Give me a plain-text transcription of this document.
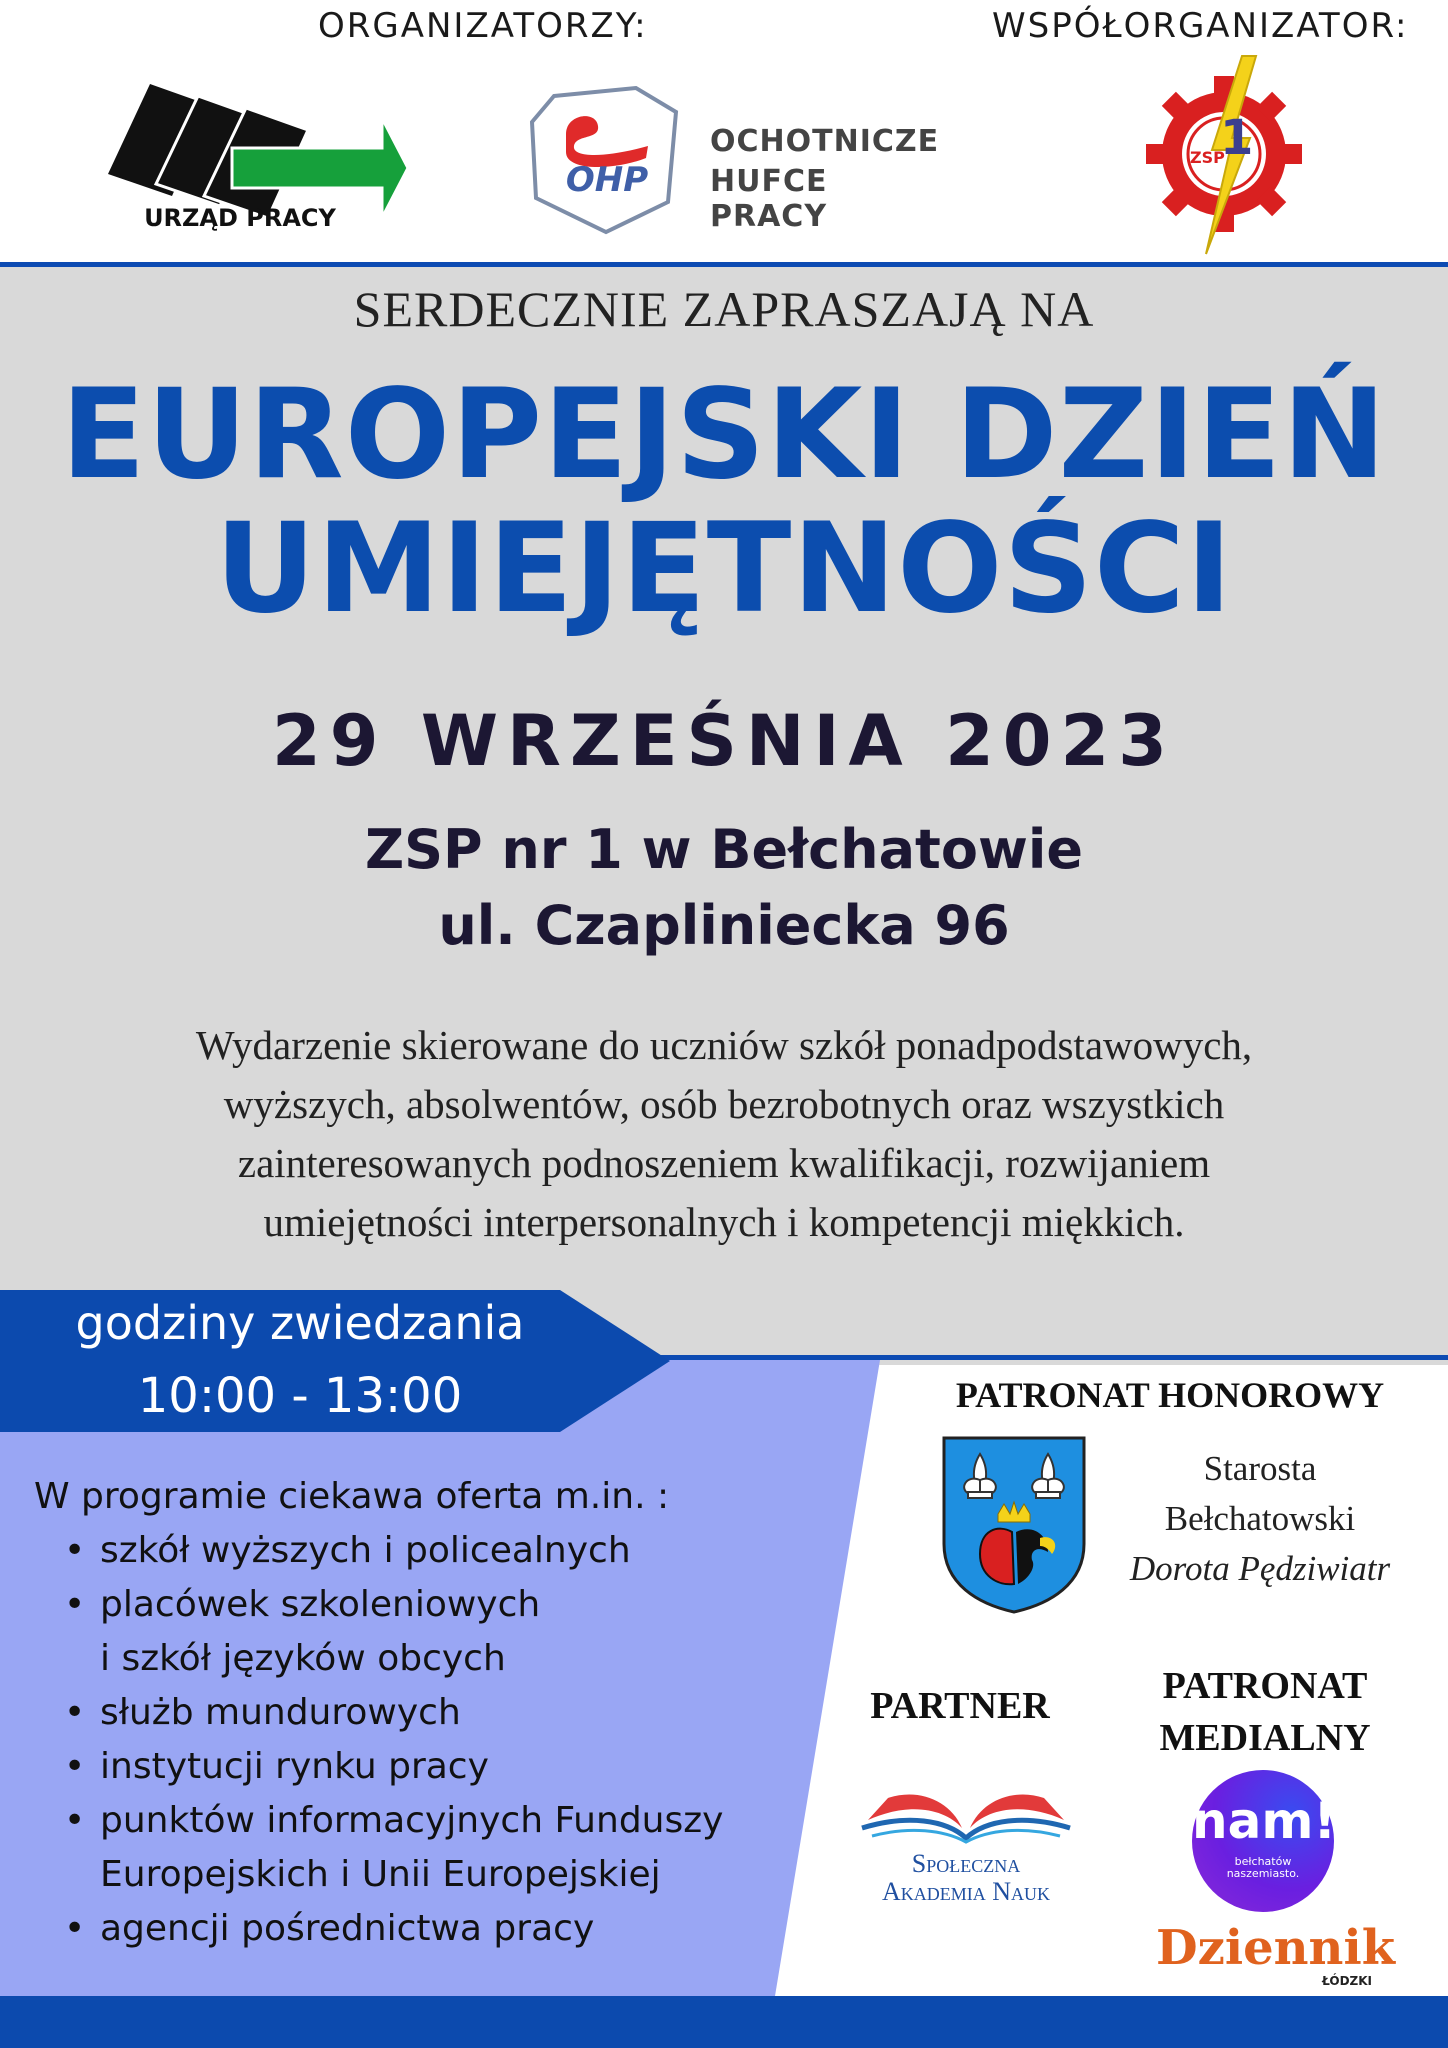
ORGANIZATORZY:	WSPÓŁORGANIZATOR:
URZĄD PRACY
OHP
OCHOTNICZE
HUFCE PRACY
ZSP
1
SERDECZNIE ZAPRASZAJĄ NA
EUROPEJSKI DZIEŃ
UMIEJĘTNOŚCI
29 WRZEŚNIA 2023
ZSP nr 1 w Bełchatowie
ul. Czapliniecka 96
Wydarzenie skierowane do uczniów szkół ponadpodstawowych,
wyższych, absolwentów, osób bezrobotnych oraz wszystkich
zainteresowanych podnoszeniem kwalifikacji, rozwijaniem
umiejętności interpersonalnych i kompetencji miękkich.
godziny zwiedzania
10:00 - 13:00
W programie ciekawa oferta m.in. :
• szkół wyższych i policealnych
• placówek szkoleniowych
i szkół języków obcych
• służb mundurowych
• instytucji rynku pracy
• punktów informacyjnych Funduszy
Europejskich i Unii Europejskiej
• agencji pośrednictwa pracy
PATRONAT HONOROWY
Starosta
Bełchatowski
Dorota Pędziwiatr
PARTNER
Społeczna
Akademia Nauk
PATRONAT
MEDIALNY
nam!
bełchatów
naszemiasto.
Dziennik
ŁÓDZKI
